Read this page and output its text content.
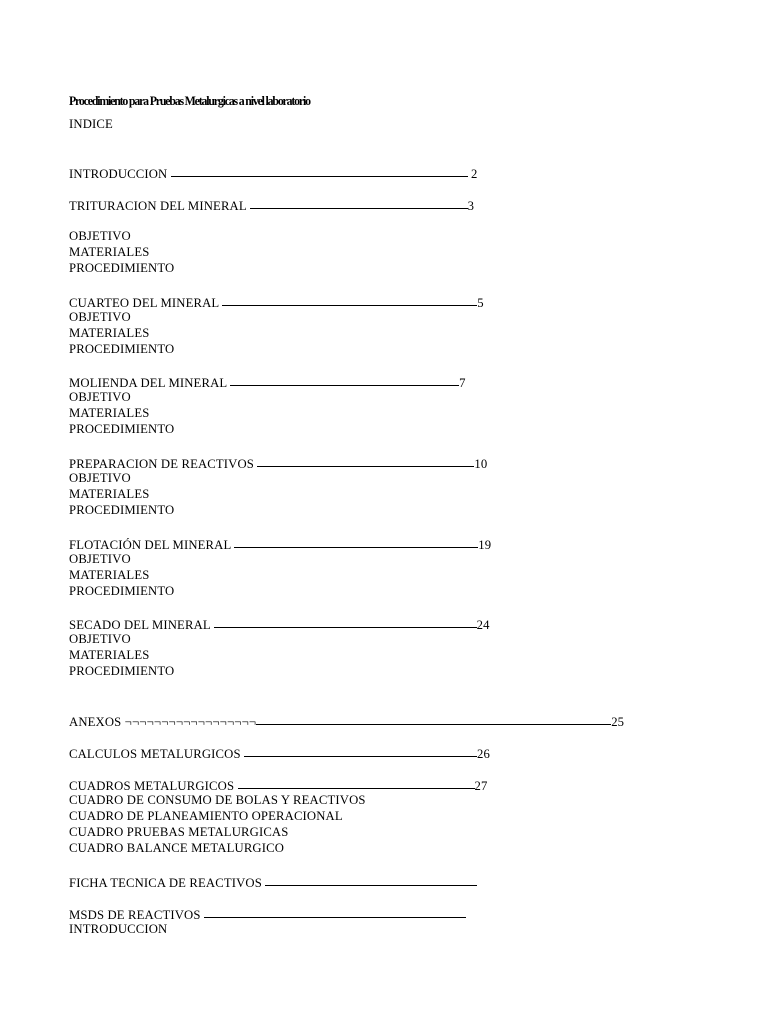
Procedimiento para Pruebas Metalurgicas a nivel laboratorio
INDICE
INTRODUCCION	2
TRITURACION DEL MINERAL	3
OBJETIVO
MATERIALES
PROCEDIMIENTO
CUARTEO DEL MINERAL	5
OBJETIVO
MATERIALES
PROCEDIMIENTO
MOLIENDA DEL MINERAL	7
OBJETIVO
MATERIALES
PROCEDIMIENTO
PREPARACION DE REACTIVOS	10
OBJETIVO
MATERIALES
PROCEDIMIENTO
FLOTACIÓN DEL MINERAL	19
OBJETIVO
MATERIALES
PROCEDIMIENTO
SECADO DEL MINERAL	24
OBJETIVO
MATERIALES
PROCEDIMIENTO
ANEXOS ¬¬¬¬¬¬¬¬¬¬¬¬¬¬¬¬¬¬	25
CALCULOS METALURGICOS	26
CUADROS METALURGICOS	27
CUADRO DE CONSUMO DE BOLAS Y REACTIVOS
CUADRO DE PLANEAMIENTO OPERACIONAL
CUADRO PRUEBAS METALURGICAS
CUADRO BALANCE METALURGICO
FICHA TECNICA DE REACTIVOS
MSDS DE REACTIVOS
INTRODUCCION
